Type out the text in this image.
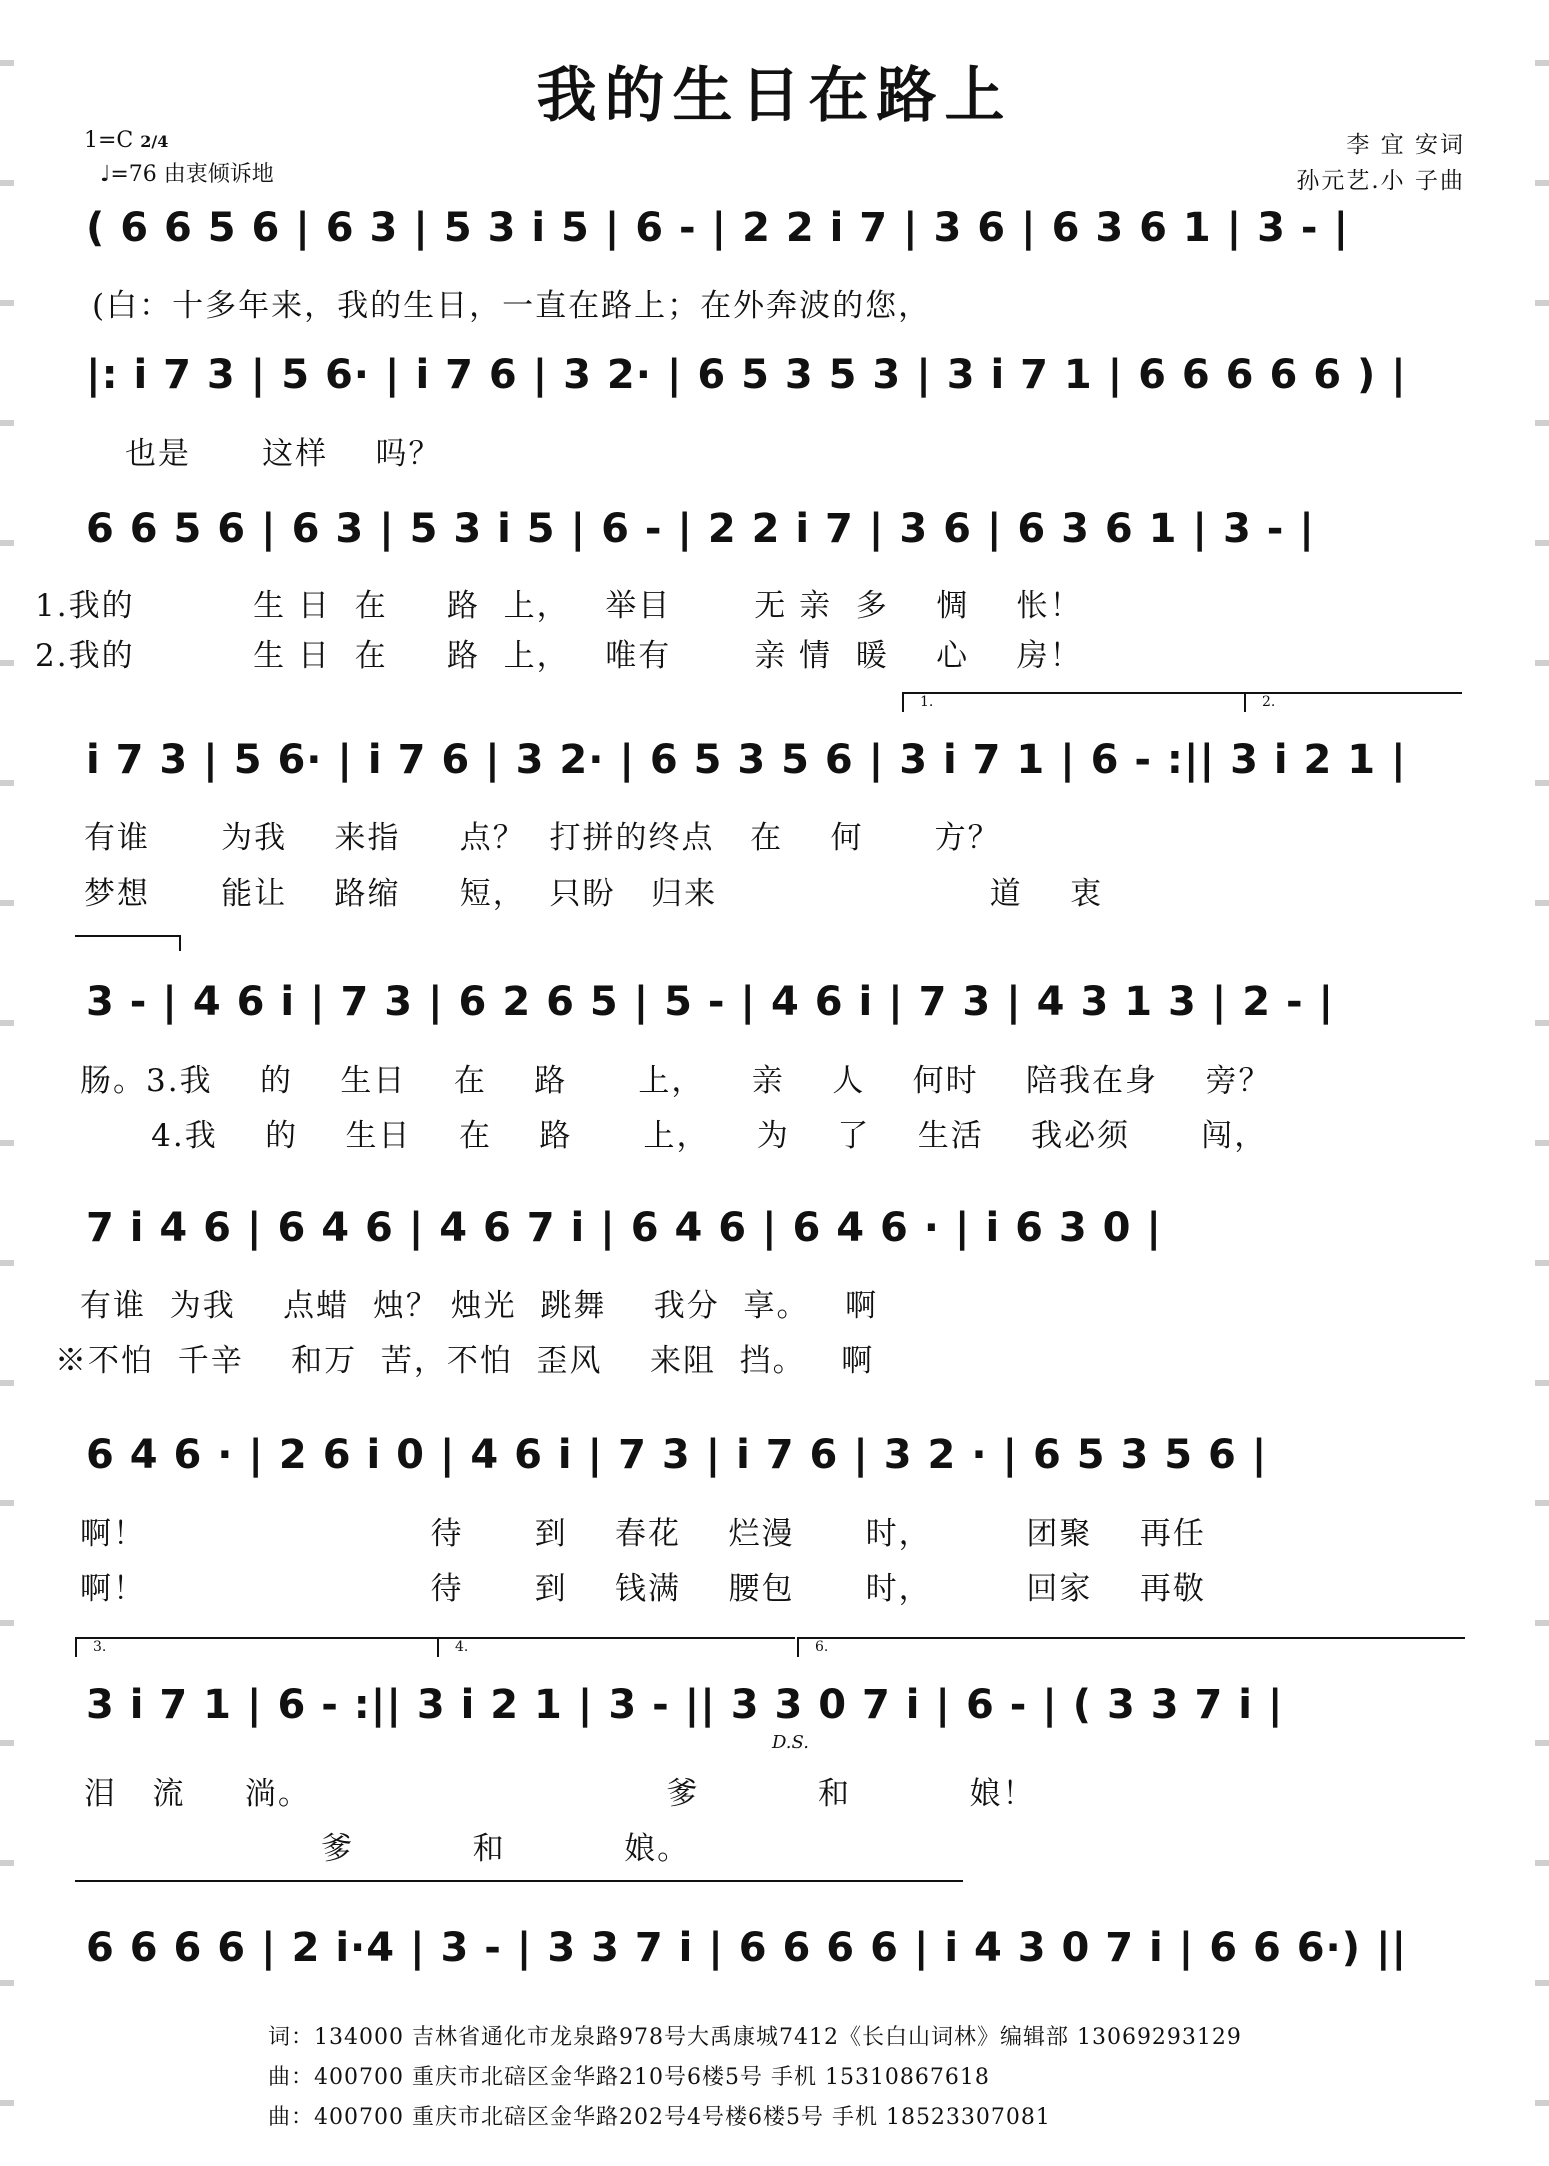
我的生日在路上
1=C 2/4
♩=76 由衷倾诉地
李 宜 安词
孙元艺.小 子曲
( 6 6 5 6 | 6 3 | 5 3 i 5 | 6 - | 2 2 i 7 | 3 6 | 6 3 6 1 | 3 - |
(白：十多年来，我的生日，一直在路上；在外奔波的您，
|: i 7 3 | 5 6· | i 7 6 | 3 2· | 6 5 3 5 3 | 3 i 7 1 | 6 6 6 6 6 ) |
也是      这样    吗？
6 6 5 6 | 6 3 | 5 3 i 5 | 6 - | 2 2 i 7 | 3 6 | 6 3 6 1 | 3 - |
1.我的          生 日  在     路  上，   举目       无 亲  多    惆    怅！
2.我的          生 日  在     路  上，   唯有       亲 情  暖    心    房！
1.	2.
i 7 3 | 5 6· | i 7 6 | 3 2· | 6 5 3 5 6 | 3 i 7 1 | 6 - :|| 3 i 2 1 |
有谁      为我    来指     点？  打拼的终点   在    何      方？
梦想      能让    路缩     短，  只盼   归来                       道    衷
3 - | 4 6 i | 7 3 | 6 2 6 5 | 5 - | 4 6 i | 7 3 | 4 3 1 3 | 2 - |
肠。3.我    的    生日    在    路      上，    亲    人    何时    陪我在身    旁？
4.我    的    生日    在    路      上，    为    了    生活    我必须      闯，
7 i 4 6 | 6 4 6 | 4 6 7 i | 6 4 6 | 6 4 6 · | i 6 3 0 |
有谁  为我    点蜡  烛？ 烛光  跳舞    我分  享。   啊
※不怕  千辛    和万  苦，不怕  歪风    来阻  挡。   啊
6 4 6 · | 2 6 i 0 | 4 6 i | 7 3 | i 7 6 | 3 2 · | 6 5 3 5 6 |
啊！                        待      到    春花    烂漫      时，        团聚    再任
啊！                        待      到    钱满    腰包      时，        回家    再敬
3.	4.	6.
3 i 7 1 | 6 - :|| 3 i 2 1 | 3 - || 3 3 0 7 i | 6 - | ( 3 3 7 i |
D.S.
泪   流     淌。                              爹          和          娘！
爹          和          娘。
6 6 6 6 | 2 i·4 | 3 - | 3 3 7 i | 6 6 6 6 | i 4 3 0 7 i | 6 6 6·) ||
词：134000 吉林省通化市龙泉路978号大禹康城7412《长白山词林》编辑部 13069293129
曲：400700 重庆市北碚区金华路210号6楼5号 手机 15310867618
曲：400700 重庆市北碚区金华路202号4号楼6楼5号 手机 18523307081
